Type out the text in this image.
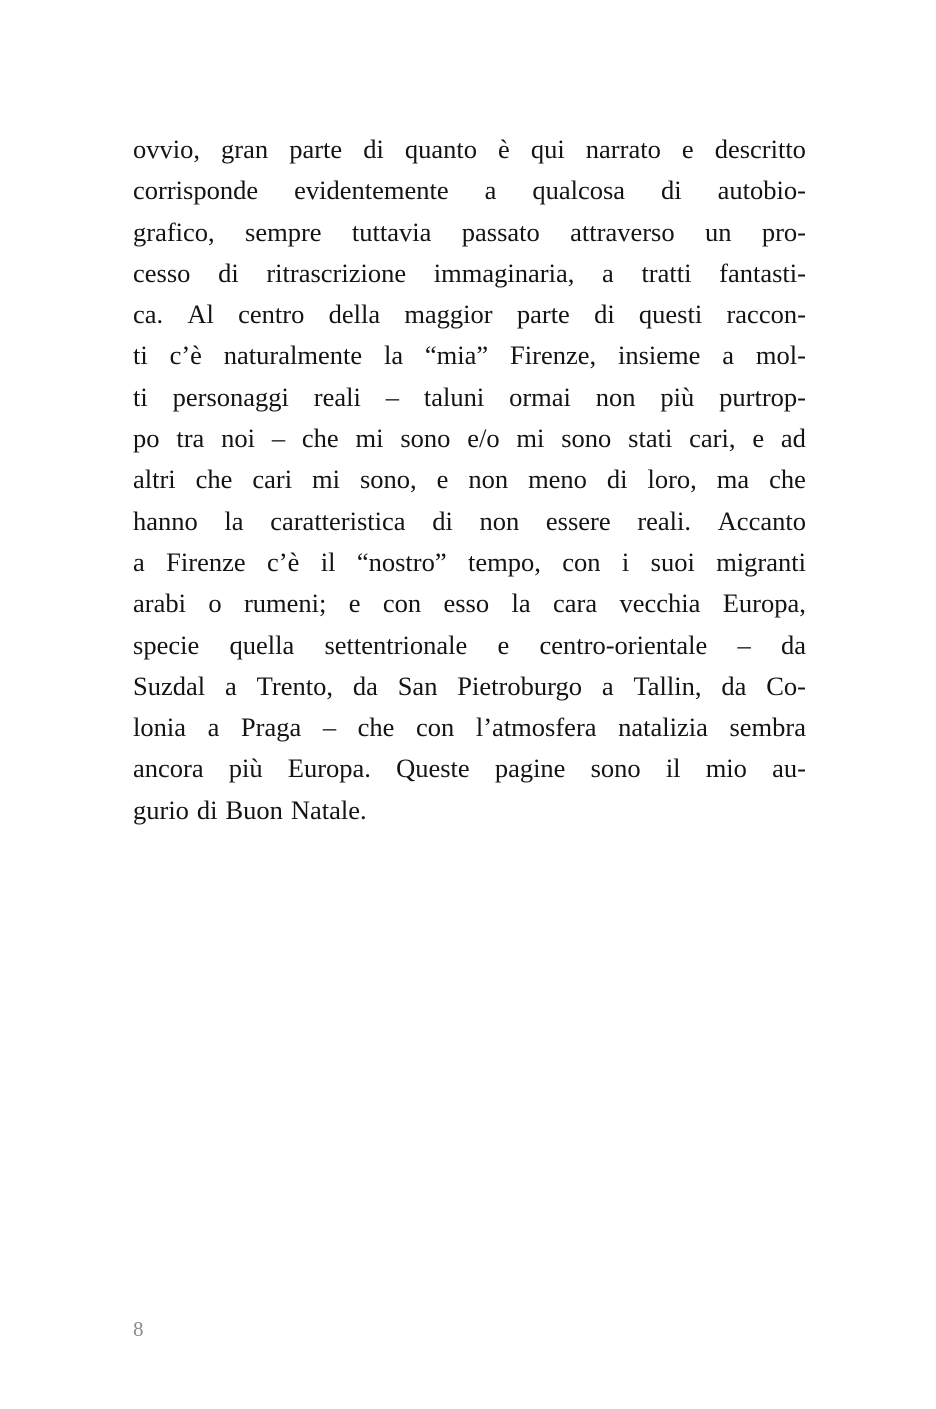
ovvio, gran parte di quanto è qui narrato e descritto
corrisponde evidentemente a qualcosa di autobio-
grafico, sempre tuttavia passato attraverso un pro-
cesso di ritrascrizione immaginaria, a tratti fantasti-
ca. Al centro della maggior parte di questi raccon-
ti c’è naturalmente la “mia” Firenze, insieme a mol-
ti personaggi reali – taluni ormai non più purtrop-
po tra noi – che mi sono e/o mi sono stati cari, e ad
altri che cari mi sono, e non meno di loro, ma che
hanno la caratteristica di non essere reali. Accanto
a Firenze c’è il “nostro” tempo, con i suoi migranti
arabi o rumeni; e con esso la cara vecchia Europa,
specie quella settentrionale e centro-orientale – da
Suzdal a Trento, da San Pietroburgo a Tallin, da Co-
lonia a Praga – che con l’atmosfera natalizia sembra
ancora più Europa. Queste pagine sono il mio au-
gurio di Buon Natale.
8
